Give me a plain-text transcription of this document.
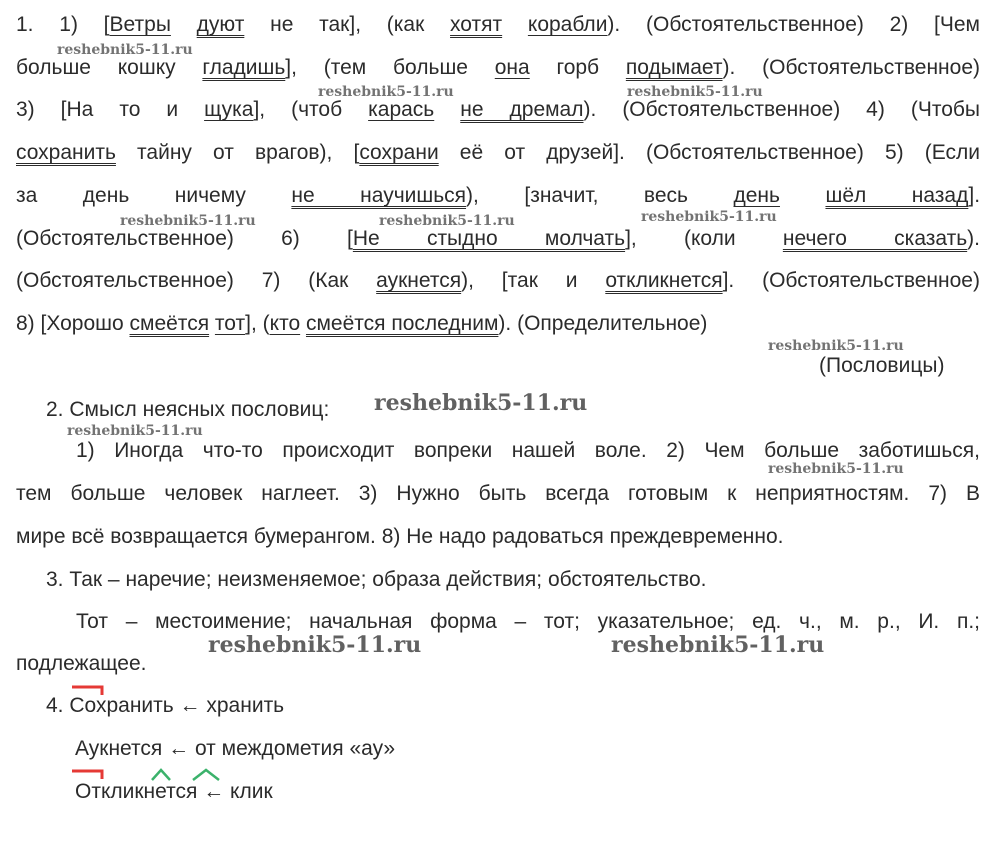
1. 1) [Ветры дуют не так], (как хотят корабли). (Обстоятельственное) 2) [Чем
больше кошку гладишь], (тем больше она горб подымает). (Обстоятельственное)
3) [На то и щука], (чтоб карась не дремал). (Обстоятельственное) 4) (Чтобы
сохранить тайну от врагов), [сохрани её от друзей]. (Обстоятельственное) 5) (Если
за день ничему не научишься), [значит, весь день шёл назад].
(Обстоятельственное) 6) [Не стыдно молчать], (коли нечего сказать).
(Обстоятельственное) 7) (Как аукнется), [так и откликнется]. (Обстоятельственное)
8) [Хорошо смеётся тот], (кто смеётся последним). (Определительное)
(Пословицы)
2. Смысл неясных пословиц:
1) Иногда что-то происходит вопреки нашей воле. 2) Чем больше заботишься,
тем больше человек наглеет. 3) Нужно быть всегда готовым к неприятностям. 7) В
мире всё возвращается бумерангом. 8) Не надо радоваться преждевременно.
3. Так – наречие; неизменяемое; образа действия; обстоятельство.
Тот – местоимение; начальная форма – тот; указательное; ед. ч., м. р., И. п.;
подлежащее.
4. Сохранить ← хранить
Аукнется ← от междометия «ау»
Откликнется ← клик
reshebnik5-11.ru
reshebnik5-11.ru	reshebnik5-11.ru
reshebnik5-11.ru	reshebnik5-11.ru	reshebnik5-11.ru
reshebnik5-11.ru
reshebnik5-11.ru
reshebnik5-11.ru
reshebnik5-11.ru
reshebnik5-11.ru	reshebnik5-11.ru
